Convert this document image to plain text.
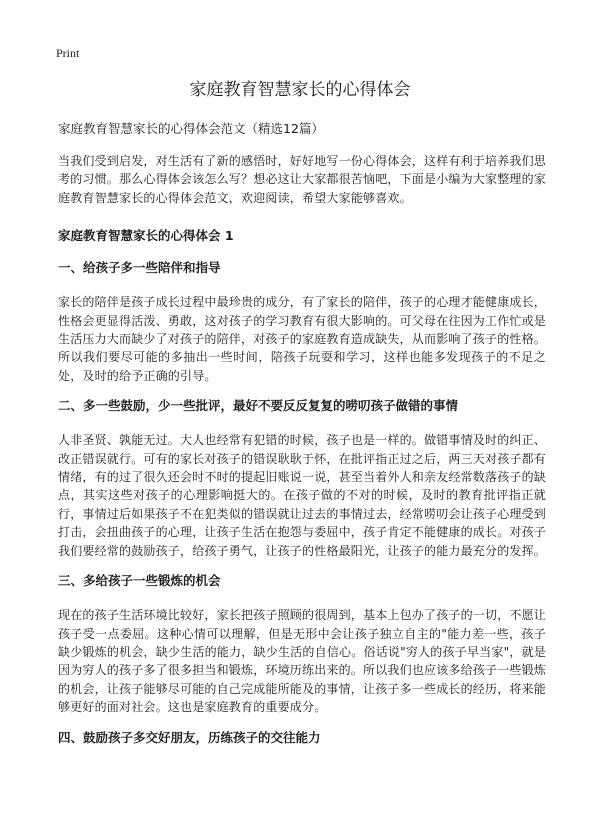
Print
家庭教育智慧家长的心得体会

家庭教育智慧家长的心得体会范文（精选12篇）

当我们受到启发，对生活有了新的感悟时，好好地写一份心得体会，这样有利于培养我们思考的习惯。那么心得体会该怎么写？想必这让大家都很苦恼吧，下面是小编为大家整理的家庭教育智慧家长的心得体会范文，欢迎阅读，希望大家能够喜欢。

家庭教育智慧家长的心得体会 1

一、给孩子多一些陪伴和指导

家长的陪伴是孩子成长过程中最珍贵的成分，有了家长的陪伴，孩子的心理才能健康成长，性格会更显得活泼、勇敢，这对孩子的学习教育有很大影响的。可父母在往因为工作忙或是生活压力大而缺少了对孩子的陪伴，对孩子的家庭教育造成缺失，从而影响了孩子的性格。所以我们要尽可能的多抽出一些时间，陪孩子玩耍和学习，这样也能多发现孩子的不足之处，及时的给予正确的引导。

二、多一些鼓励，少一些批评，最好不要反反复复的唠叨孩子做错的事情

人非圣贤、孰能无过。大人也经常有犯错的时候，孩子也是一样的。做错事情及时的纠正、改正错误就行。可有的家长对孩子的错误耿耿于怀，在批评指正过之后，两三天对孩子都有情绪，有的过了很久还会时不时的提起旧账说一说，甚至当着外人和亲友经常数落孩子的缺点，其实这些对孩子的心理影响挺大的。在孩子做的不对的时候，及时的教育批评指正就行，事情过后如果孩子不在犯类似的错误就让过去的事情过去，经常唠叨会让孩子心理受到打击，会扭曲孩子的心理，让孩子生活在抱怨与委屈中，孩子肯定不能健康的成长。对孩子我们要经常的鼓励孩子，给孩子勇气，让孩子的性格最阳光，让孩子的能力最充分的发挥。

三、多给孩子一些锻炼的机会

现在的孩子生活环境比较好，家长把孩子照顾的很周到，基本上包办了孩子的一切，不愿让孩子受一点委屈。这种心情可以理解，但是无形中会让孩子独立自主的"能力差一些，孩子缺少锻炼的机会，缺少生活的能力，缺少生活的自信心。俗话说"穷人的孩子早当家"，就是因为穷人的孩子多了很多担当和锻炼，环境历练出来的。所以我们也应该多给孩子一些锻炼的机会，让孩子能够尽可能的自己完成能所能及的事情，让孩子多一些成长的经历，将来能够更好的面对社会。这也是家庭教育的重要成分。

四、鼓励孩子多交好朋友，历练孩子的交往能力
